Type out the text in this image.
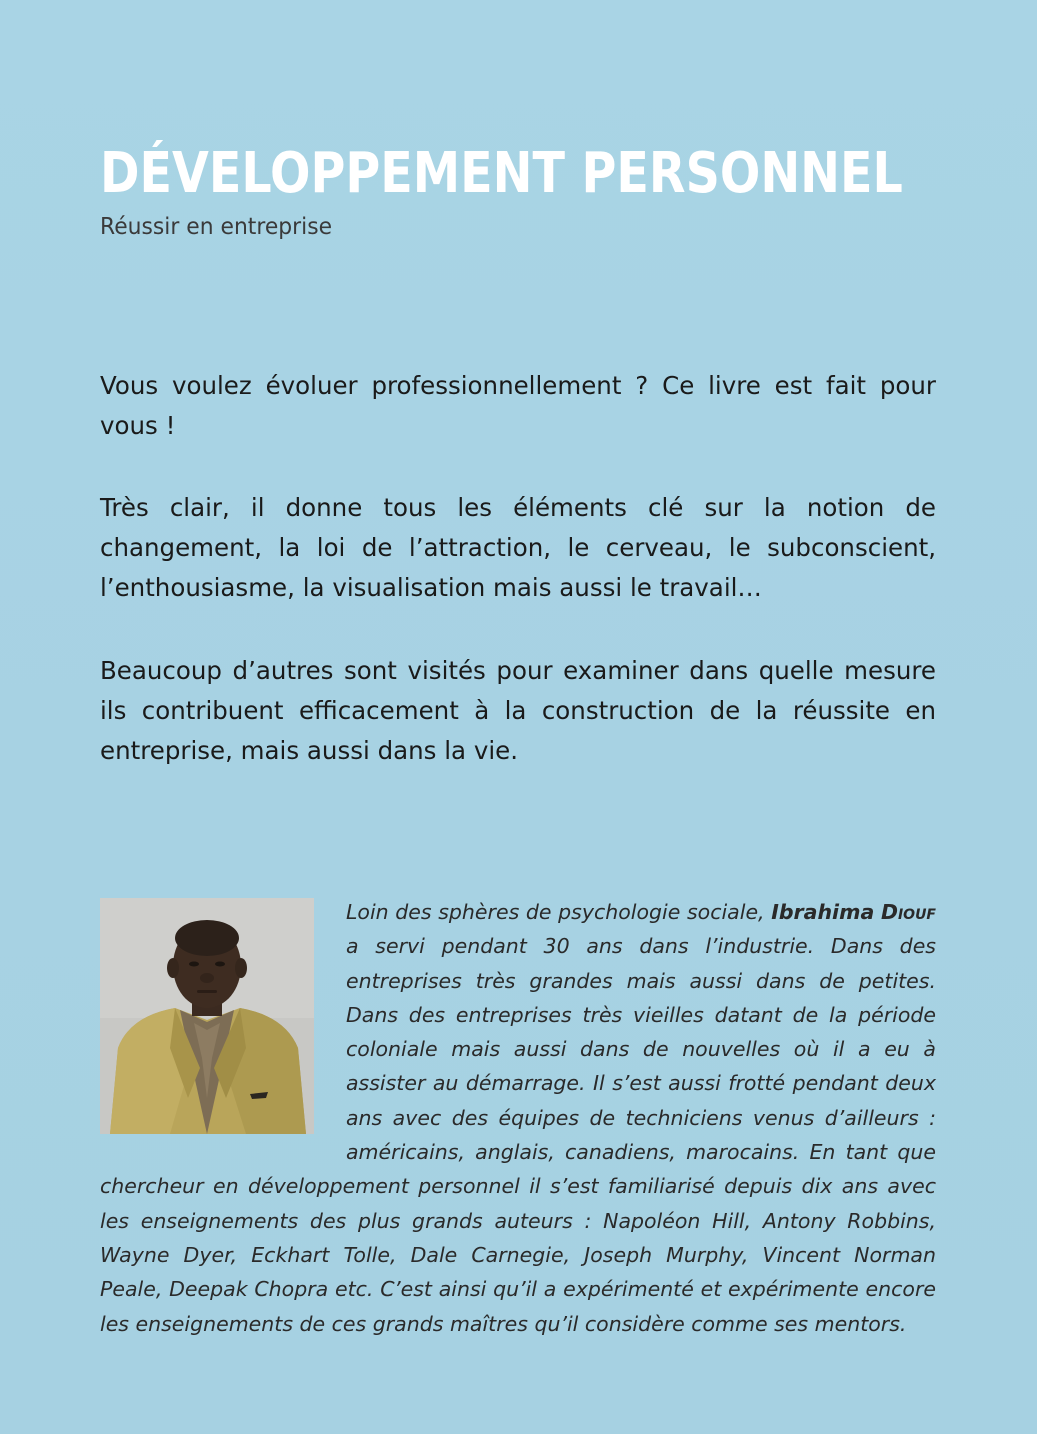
DÉVELOPPEMENT PERSONNEL

Réussir en entreprise

Vous voulez évoluer professionnellement ? Ce livre est fait pour vous !

Très clair, il donne tous les éléments clé sur la notion de changement, la loi de l’attraction, le cerveau, le subconscient, l’enthousiasme, la visualisation mais aussi le travail…

Beaucoup d’autres sont visités pour examiner dans quelle mesure ils contribuent efficacement à la construction de la réussite en entreprise, mais aussi dans la vie.

Loin des sphères de psychologie sociale, Ibrahima Diouf a servi pendant 30 ans dans l’industrie. Dans des entreprises très grandes mais aussi dans de petites. Dans des entreprises très vieilles datant de la période coloniale mais aussi dans de nouvelles où il a eu à assister au démarrage. Il s’est aussi frotté pendant deux ans avec des équipes de techniciens venus d’ailleurs : américains, anglais, canadiens, marocains. En tant que chercheur en développement personnel il s’est familiarisé depuis dix ans avec les enseignements des plus grands auteurs : Napoléon Hill, Antony Robbins, Wayne Dyer, Eckhart Tolle, Dale Carnegie, Joseph Murphy, Vincent Norman Peale, Deepak Chopra etc. C’est ainsi qu’il a expérimenté et expérimente encore les enseignements de ces grands maîtres qu’il considère comme ses mentors.
